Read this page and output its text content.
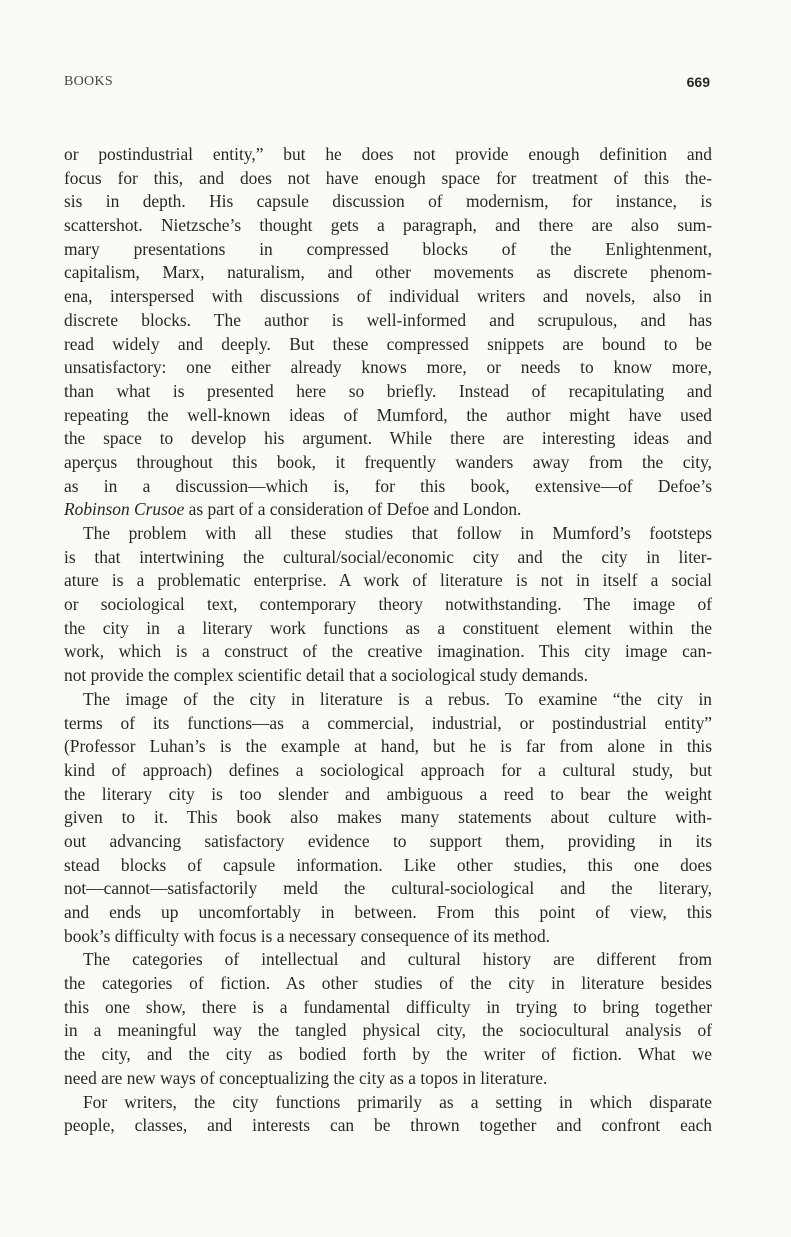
BOOKS	669
or postindustrial entity,” but he does not provide enough definition and
focus for this, and does not have enough space for treatment of this the-
sis in depth. His capsule discussion of modernism, for instance, is
scattershot. Nietzsche’s thought gets a paragraph, and there are also sum-
mary presentations in compressed blocks of the Enlightenment,
capitalism, Marx, naturalism, and other movements as discrete phenom-
ena, interspersed with discussions of individual writers and novels, also in
discrete blocks. The author is well-informed and scrupulous, and has
read widely and deeply. But these compressed snippets are bound to be
unsatisfactory: one either already knows more, or needs to know more,
than what is presented here so briefly. Instead of recapitulating and
repeating the well-known ideas of Mumford, the author might have used
the space to develop his argument. While there are interesting ideas and
aperçus throughout this book, it frequently wanders away from the city,
as in a discussion—which is, for this book, extensive—of Defoe’s
Robinson Crusoe as part of a consideration of Defoe and London.
The problem with all these studies that follow in Mumford’s footsteps
is that intertwining the cultural/social/economic city and the city in liter-
ature is a problematic enterprise. A work of literature is not in itself a social
or sociological text, contemporary theory notwithstanding. The image of
the city in a literary work functions as a constituent element within the
work, which is a construct of the creative imagination. This city image can-
not provide the complex scientific detail that a sociological study demands.
The image of the city in literature is a rebus. To examine “the city in
terms of its functions—as a commercial, industrial, or postindustrial entity”
(Professor Luhan’s is the example at hand, but he is far from alone in this
kind of approach) defines a sociological approach for a cultural study, but
the literary city is too slender and ambiguous a reed to bear the weight
given to it. This book also makes many statements about culture with-
out advancing satisfactory evidence to support them, providing in its
stead blocks of capsule information. Like other studies, this one does
not—cannot—satisfactorily meld the cultural-sociological and the literary,
and ends up uncomfortably in between. From this point of view, this
book’s difficulty with focus is a necessary consequence of its method.
The categories of intellectual and cultural history are different from
the categories of fiction. As other studies of the city in literature besides
this one show, there is a fundamental difficulty in trying to bring together
in a meaningful way the tangled physical city, the sociocultural analysis of
the city, and the city as bodied forth by the writer of fiction. What we
need are new ways of conceptualizing the city as a topos in literature.
For writers, the city functions primarily as a setting in which disparate
people, classes, and interests can be thrown together and confront each
